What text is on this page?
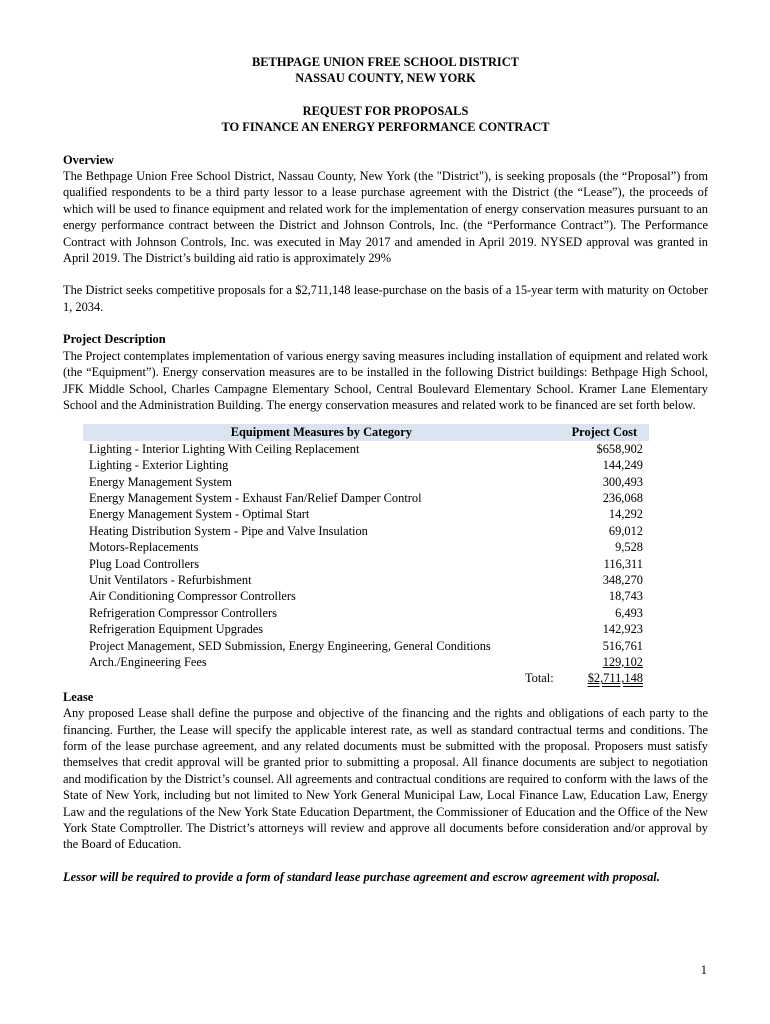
BETHPAGE UNION FREE SCHOOL DISTRICT
NASSAU COUNTY, NEW YORK
REQUEST FOR PROPOSALS
TO FINANCE AN ENERGY PERFORMANCE CONTRACT
Overview

The Bethpage Union Free School District, Nassau County, New York (the "District"), is seeking proposals (the “Proposal”) from qualified respondents to be a third party lessor to a lease purchase agreement with the District (the “Lease”), the proceeds of which will be used to finance equipment and related work for the implementation of energy conservation measures pursuant to an energy performance contract between the District and Johnson Controls, Inc. (the “Performance Contract”). The Performance Contract with Johnson Controls, Inc. was executed in May 2017 and amended in April 2019. NYSED approval was granted in April 2019. The District’s building aid ratio is approximately 29%

The District seeks competitive proposals for a $2,711,148 lease-purchase on the basis of a 15-year term with maturity on October 1, 2034.

Project Description

The Project contemplates implementation of various energy saving measures including installation of equipment and related work (the “Equipment”). Energy conservation measures are to be installed in the following District buildings: Bethpage High School, JFK Middle School, Charles Campagne Elementary School, Central Boulevard Elementary School. Kramer Lane Elementary School and the Administration Building. The energy conservation measures and related work to be financed are set forth below.

Equipment Measures by Category	Project Cost
Lighting - Interior Lighting With Ceiling Replacement	$658,902
Lighting - Exterior Lighting	144,249
Energy Management System	300,493
Energy Management System - Exhaust Fan/Relief Damper Control	236,068
Energy Management System - Optimal Start	14,292
Heating Distribution System - Pipe and Valve Insulation	69,012
Motors-Replacements	9,528
Plug Load Controllers	116,311
Unit Ventilators - Refurbishment	348,270
Air Conditioning Compressor Controllers	18,743
Refrigeration Compressor Controllers	6,493
Refrigeration Equipment Upgrades	142,923
Project Management, SED Submission, Energy Engineering, General Conditions	516,761
Arch./Engineering Fees	129,102
Total:	$2,711,148
Lease

Any proposed Lease shall define the purpose and objective of the financing and the rights and obligations of each party to the financing. Further, the Lease will specify the applicable interest rate, as well as standard contractual terms and conditions. The form of the lease purchase agreement, and any related documents must be submitted with the proposal. Proposers must satisfy themselves that credit approval will be granted prior to submitting a proposal. All finance documents are subject to negotiation and modification by the District’s counsel. All agreements and contractual conditions are required to conform with the laws of the State of New York, including but not limited to New York General Municipal Law, Local Finance Law, Education Law, Energy Law and the regulations of the New York State Education Department, the Commissioner of Education and the Office of the New York State Comptroller. The District’s attorneys will review and approve all documents before consideration and/or approval by the Board of Education.

Lessor will be required to provide a form of standard lease purchase agreement and escrow agreement with proposal.
1
